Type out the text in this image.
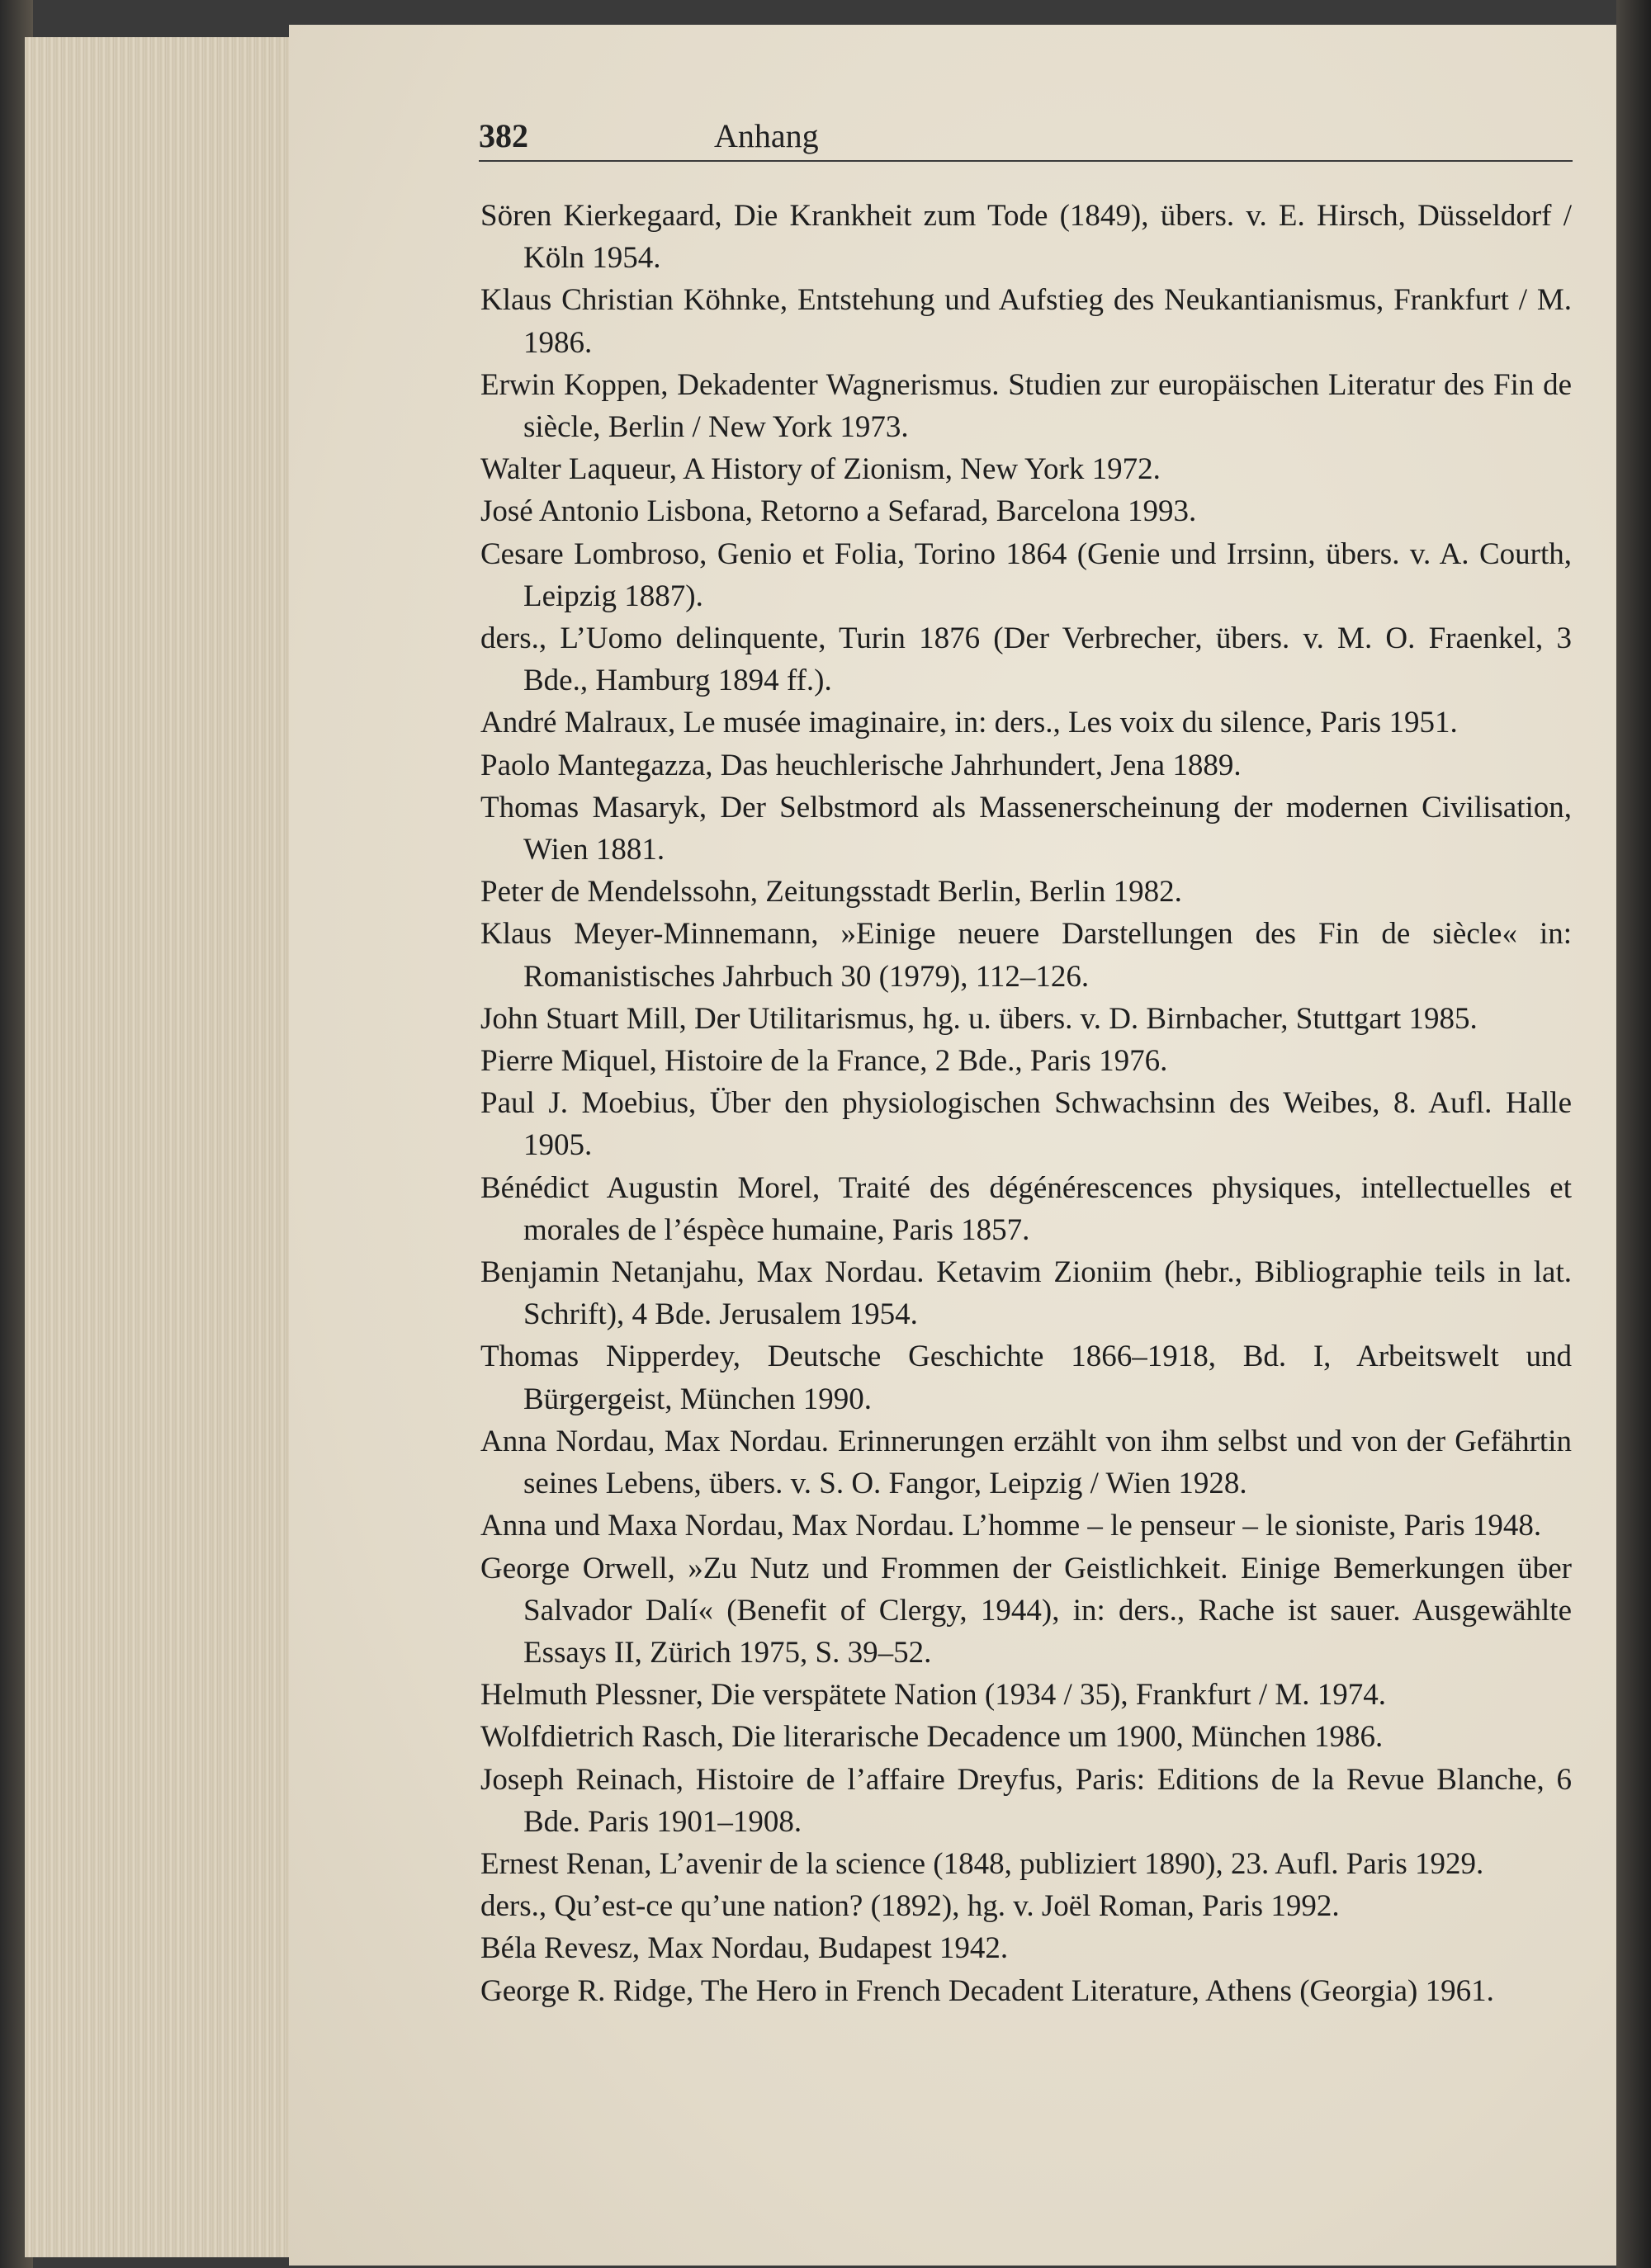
382	Anhang
Sören Kierkegaard, Die Krankheit zum Tode (1849), übers. v. E. Hirsch, Düsseldorf / Köln 1954.
Klaus Christian Köhnke, Entstehung und Aufstieg des Neukantianismus, Frankfurt / M. 1986.
Erwin Koppen, Dekadenter Wagnerismus. Studien zur europäischen Literatur des Fin de siècle, Berlin / New York 1973.
Walter Laqueur, A History of Zionism, New York 1972.
José Antonio Lisbona, Retorno a Sefarad, Barcelona 1993.
Cesare Lombroso, Genio et Folia, Torino 1864 (Genie und Irrsinn, übers. v. A. Courth, Leipzig 1887).
ders., L’Uomo delinquente, Turin 1876 (Der Verbrecher, übers. v. M. O. Fraenkel, 3 Bde., Hamburg 1894 ff.).
André Malraux, Le musée imaginaire, in: ders., Les voix du silence, Paris 1951.
Paolo Mantegazza, Das heuchlerische Jahrhundert, Jena 1889.
Thomas Masaryk, Der Selbstmord als Massenerscheinung der modernen Civilisation, Wien 1881.
Peter de Mendelssohn, Zeitungsstadt Berlin, Berlin 1982.
Klaus Meyer-Minnemann, »Einige neuere Darstellungen des Fin de siècle« in: Romanistisches Jahrbuch 30 (1979), 112–126.
John Stuart Mill, Der Utilitarismus, hg. u. übers. v. D. Birnbacher, Stuttgart 1985.
Pierre Miquel, Histoire de la France, 2 Bde., Paris 1976.
Paul J. Moebius, Über den physiologischen Schwachsinn des Weibes, 8. Aufl. Halle 1905.
Bénédict Augustin Morel, Traité des dégénérescences physiques, intellectuelles et morales de l’éspèce humaine, Paris 1857.
Benjamin Netanjahu, Max Nordau. Ketavim Zioniim (hebr., Bibliographie teils in lat. Schrift), 4 Bde. Jerusalem 1954.
Thomas Nipperdey, Deutsche Geschichte 1866–1918, Bd. I, Arbeitswelt und Bürgergeist, München 1990.
Anna Nordau, Max Nordau. Erinnerungen erzählt von ihm selbst und von der Gefährtin seines Lebens, übers. v. S. O. Fangor, Leipzig / Wien 1928.
Anna und Maxa Nordau, Max Nordau. L’homme – le penseur – le sioniste, Paris 1948.
George Orwell, »Zu Nutz und Frommen der Geistlichkeit. Einige Bemerkungen über Salvador Dalí« (Benefit of Clergy, 1944), in: ders., Rache ist sauer. Ausgewählte Essays II, Zürich 1975, S. 39–52.
Helmuth Plessner, Die verspätete Nation (1934 / 35), Frankfurt / M. 1974.
Wolfdietrich Rasch, Die literarische Decadence um 1900, München 1986.
Joseph Reinach, Histoire de l’affaire Dreyfus, Paris: Editions de la Revue Blanche, 6 Bde. Paris 1901–1908.
Ernest Renan, L’avenir de la science (1848, publiziert 1890), 23. Aufl. Paris 1929.
ders., Qu’est-ce qu’une nation? (1892), hg. v. Joël Roman, Paris 1992.
Béla Revesz, Max Nordau, Budapest 1942.
George R. Ridge, The Hero in French Decadent Literature, Athens (Georgia) 1961.
